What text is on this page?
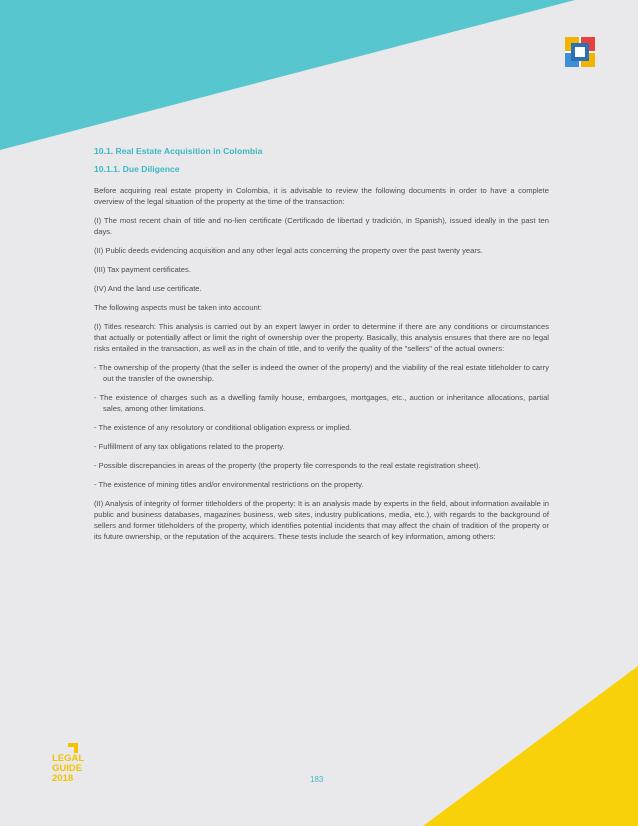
10.1. Real Estate Acquisition in Colombia
10.1.1. Due Diligence

Before acquiring real estate property in Colombia, it is advisable to review the following documents in order to have a complete overview of the legal situation of the property at the time of the transaction:

(I) The most recent chain of title and no-lien certificate (Certificado de libertad y tradición, in Spanish), issued ideally in the past ten days.

(II) Public deeds evidencing acquisition and any other legal acts concerning the property over the past twenty years.

(III) Tax payment certificates.

(IV) And the land use certificate.

The following aspects must be taken into account:

(I) Titles research: This analysis is carried out by an expert lawyer in order to determine if there are any conditions or circumstances that actually or potentially affect or limit the right of ownership over the property. Basically, this analysis ensures that there are no legal risks entailed in the transaction, as well as in the chain of title, and to verify the quality of the "sellers" of the actual owners:

- The ownership of the property (that the seller is indeed the owner of the property) and the viability of the real estate titleholder to carry out the transfer of the ownership.

- The existence of charges such as a dwelling family house, embargoes, mortgages, etc., auction or inheritance allocations, partial sales, among other limitations.

- The existence of any resolutory or conditional obligation express or implied.

- Fulfillment of any tax obligations related to the property.

- Possible discrepancies in areas of the property (the property file corresponds to the real estate registration sheet).

- The existence of mining titles and/or environmental restrictions on the property.

(II) Analysis of integrity of former titleholders of the property: It is an analysis made by experts in the field, about information available in public and business databases, magazines business, web sites, industry publications, media, etc.), with regards to the background of sellers and former titleholders of the property, which identifies potential incidents that may affect the chain of tradition of the property or its future ownership, or the reputation of the acquirers. These tests include the search of key information, among others:

LEGAL
GUIDE
2018	183
